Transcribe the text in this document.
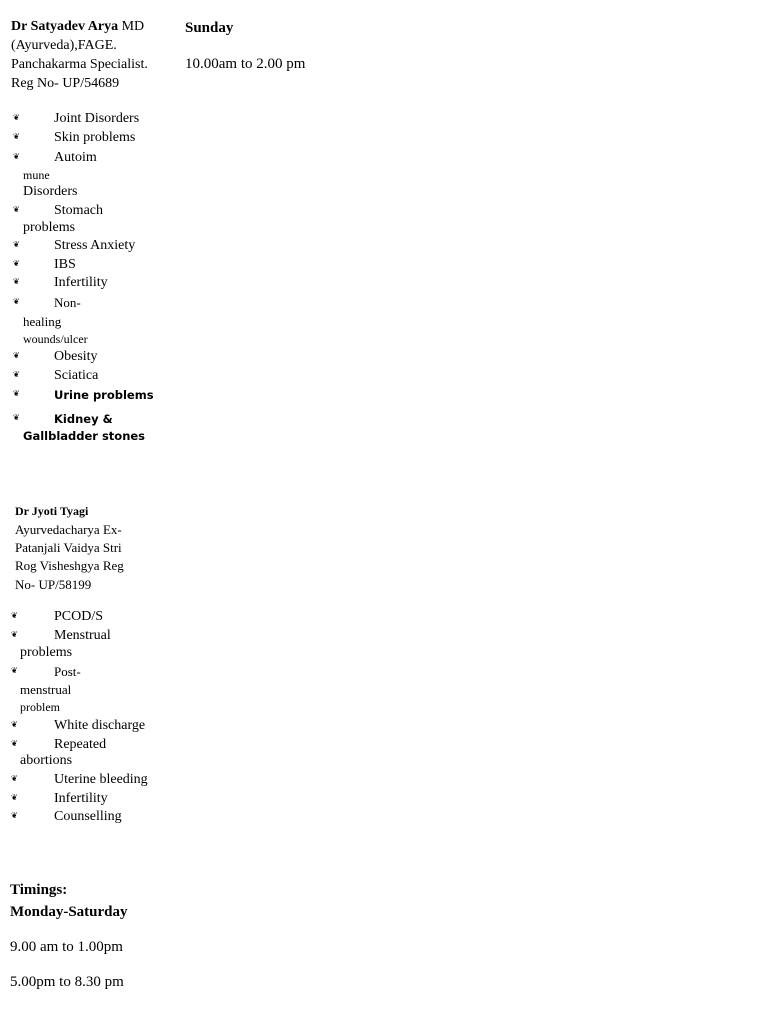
Dr Satyadev Arya MD
(Ayurveda),FAGE.
Panchakarma Specialist.
Reg No- UP/54689
❦ Joint Disorders
❦ Skin problems
❦ Autoim
mune
Disorders
❦ Stomach
problems
❦ Stress Anxiety
❦ IBS
❦ Infertility
❦	Non-
healing
wounds/ulcer
❦ Obesity
❦ Sciatica
❦	Urine problems
❦	Kidney &
Gallbladder stones
Sunday
10.00am to 2.00 pm
Dr Jyoti Tyagi
Ayurvedacharya Ex-
Patanjali Vaidya Stri
Rog Visheshgya Reg
No- UP/58199
❦	PCOD/S
❦	Menstrual
problems
❦	Post-
menstrual
problem
❦	White discharge
❦	Repeated
abortions
❦	Uterine bleeding
❦	Infertility
❦	Counselling
Timings:
Monday-Saturday
9.00 am to 1.00pm
5.00pm to 8.30 pm
